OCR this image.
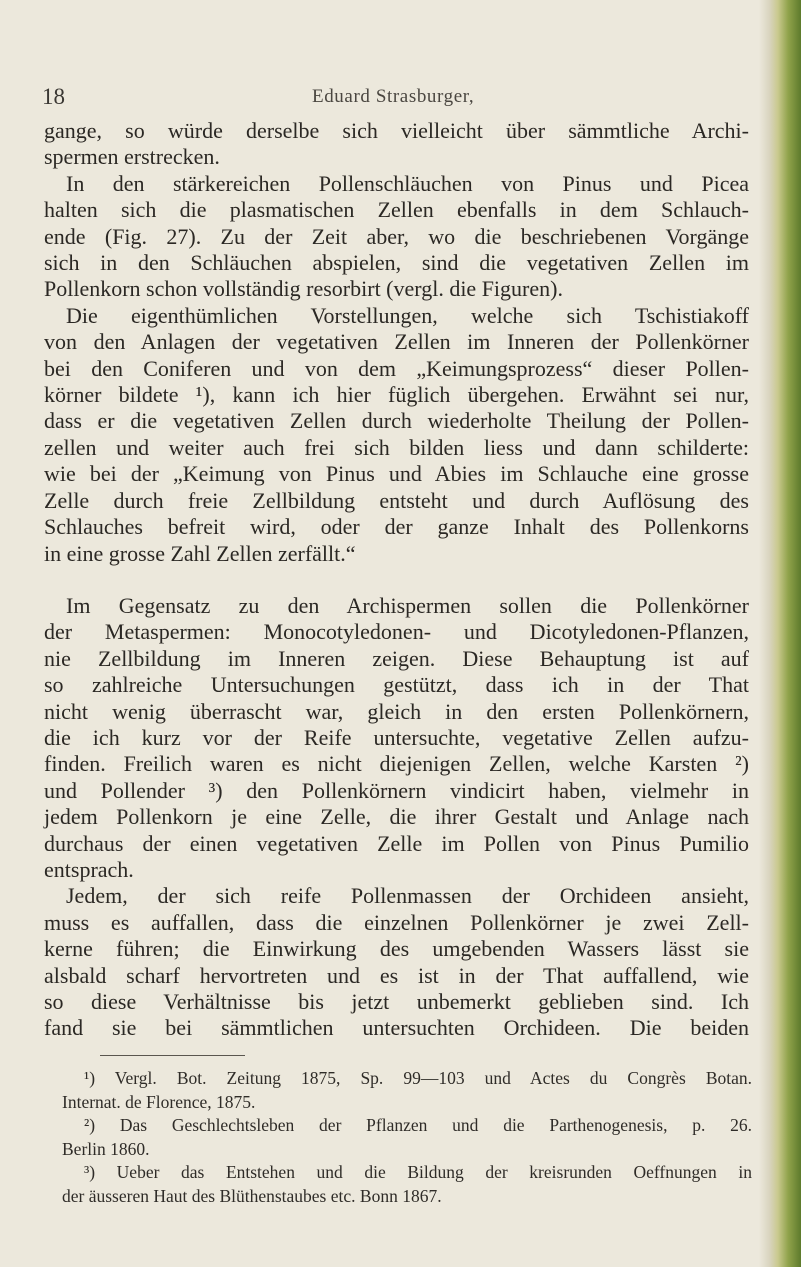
18	Eduard Strasburger,

gange, so würde derselbe sich vielleicht über sämmtliche Archi-
spermen erstrecken.

In den stärkereichen Pollenschläuchen von Pinus und Picea
halten sich die plasmatischen Zellen ebenfalls in dem Schlauch-
ende (Fig. 27). Zu der Zeit aber, wo die beschriebenen Vorgänge
sich in den Schläuchen abspielen, sind die vegetativen Zellen im
Pollenkorn schon vollständig resorbirt (vergl. die Figuren).

Die eigenthümlichen Vorstellungen, welche sich Tschistiakoff
von den Anlagen der vegetativen Zellen im Inneren der Pollenkörner
bei den Coniferen und von dem „Keimungsprozess“ dieser Pollen-
körner bildete ¹), kann ich hier füglich übergehen. Erwähnt sei nur,
dass er die vegetativen Zellen durch wiederholte Theilung der Pollen-
zellen und weiter auch frei sich bilden liess und dann schilderte:
wie bei der „Keimung von Pinus und Abies im Schlauche eine grosse
Zelle durch freie Zellbildung entsteht und durch Auflösung des
Schlauches befreit wird, oder der ganze Inhalt des Pollenkorns
in eine grosse Zahl Zellen zerfällt.“

Im Gegensatz zu den Archispermen sollen die Pollenkörner
der Metaspermen: Monocotyledonen- und Dicotyledonen-Pflanzen,
nie Zellbildung im Inneren zeigen. Diese Behauptung ist auf
so zahlreiche Untersuchungen gestützt, dass ich in der That
nicht wenig überrascht war, gleich in den ersten Pollenkörnern,
die ich kurz vor der Reife untersuchte, vegetative Zellen aufzu-
finden. Freilich waren es nicht diejenigen Zellen, welche Karsten ²)
und Pollender ³) den Pollenkörnern vindicirt haben, vielmehr in
jedem Pollenkorn je eine Zelle, die ihrer Gestalt und Anlage nach
durchaus der einen vegetativen Zelle im Pollen von Pinus Pumilio
entsprach.

Jedem, der sich reife Pollenmassen der Orchideen ansieht,
muss es auffallen, dass die einzelnen Pollenkörner je zwei Zell-
kerne führen; die Einwirkung des umgebenden Wassers lässt sie
alsbald scharf hervortreten und es ist in der That auffallend, wie
so diese Verhältnisse bis jetzt unbemerkt geblieben sind. Ich
fand sie bei sämmtlichen untersuchten Orchideen. Die beiden

¹) Vergl. Bot. Zeitung 1875, Sp. 99—103 und Actes du Congrès Botan.
Internat. de Florence, 1875.

²) Das Geschlechtsleben der Pflanzen und die Parthenogenesis, p. 26.
Berlin 1860.

³) Ueber das Entstehen und die Bildung der kreisrunden Oeffnungen in
der äusseren Haut des Blüthenstaubes etc. Bonn 1867.
